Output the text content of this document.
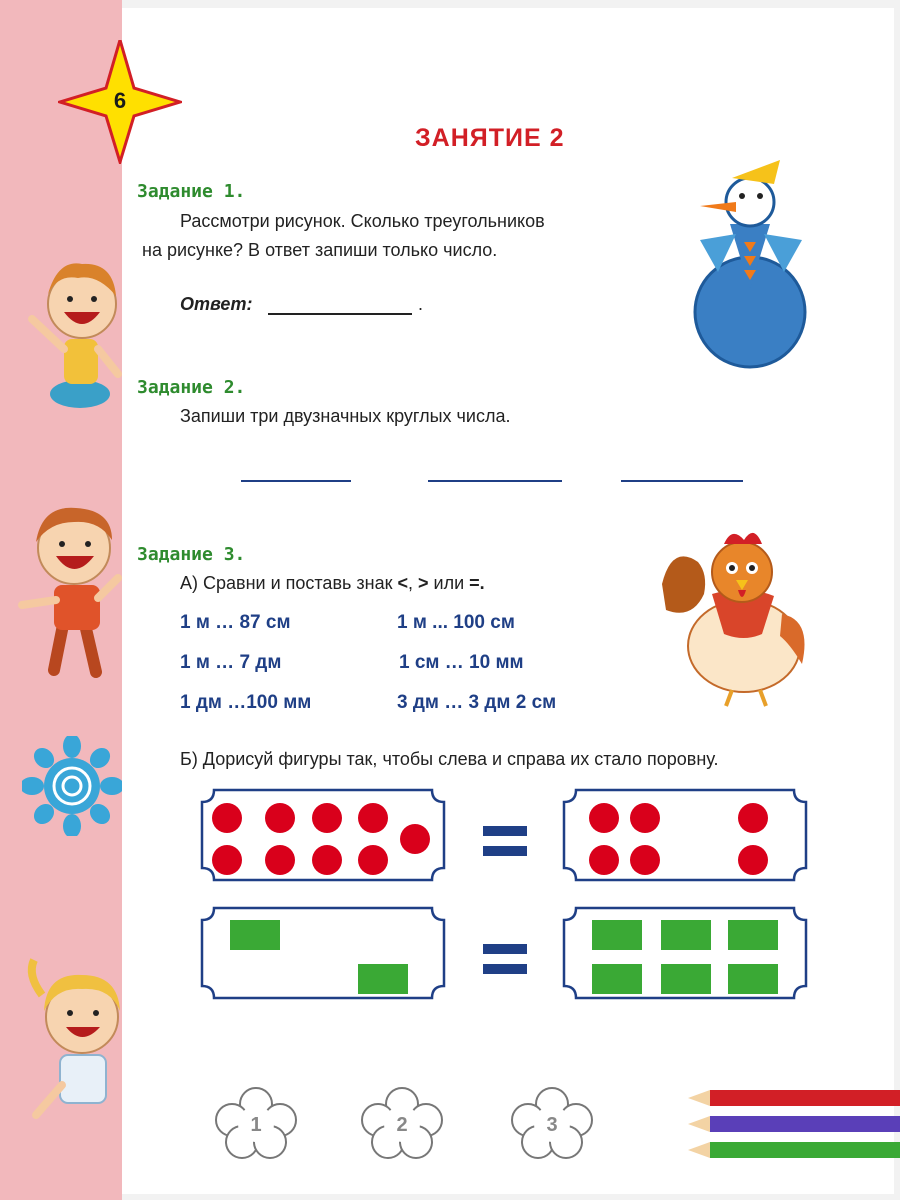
6
ЗАНЯТИЕ 2
Задание 1.
Рассмотри рисунок. Сколько треугольников
на рисунке? В ответ запиши только число.
Ответ:	.
Задание 2.
Запиши три двузначных круглых числа.
Задание 3.
А) Сравни и поставь знак <, > или =.
1 м … 87 см	1 м ... 100 см
1 м … 7 дм	1 см … 10 мм
1 дм …100 мм	3 дм … 3 дм 2 см
Б) Дорисуй фигуры так, чтобы слева и справа их стало поровну.
1	2	3
